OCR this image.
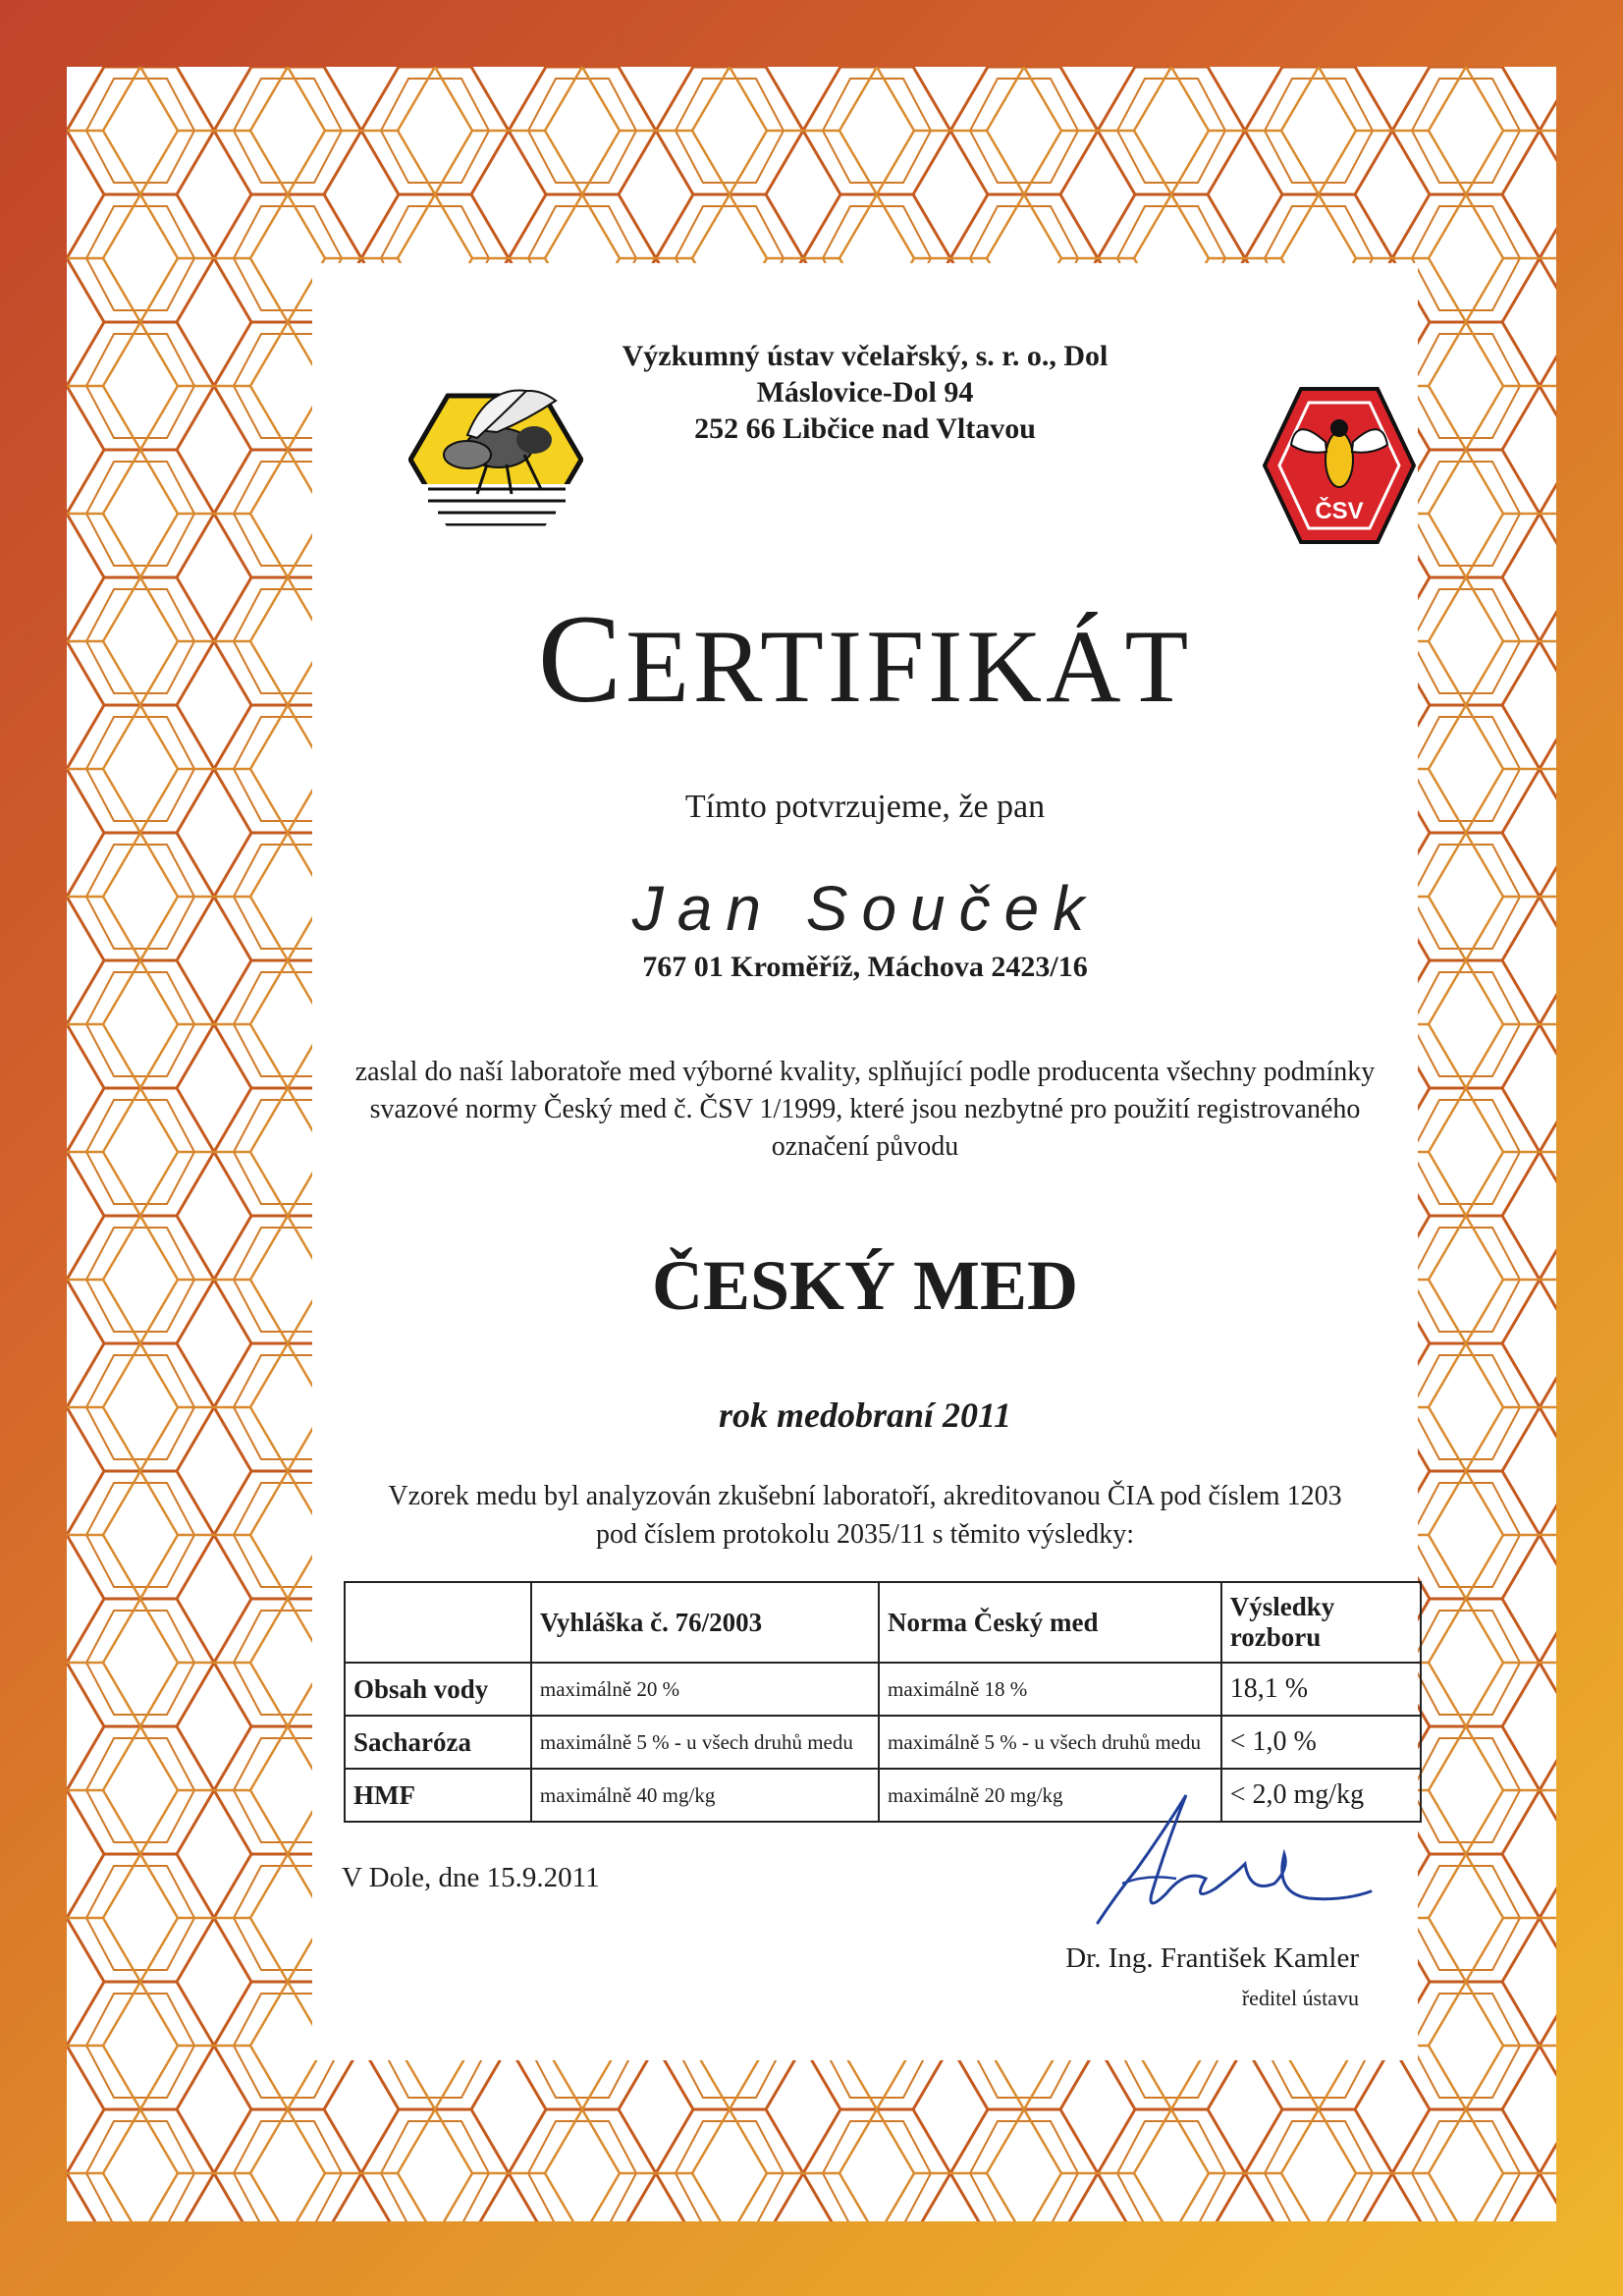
Výzkumný ústav včelařský, s. r. o., Dol
Máslovice-Dol 94
252 66 Libčice nad Vltavou
ČSV
CERTIFIKÁT
Tímto potvrzujeme, že pan
Jan Souček
767 01 Kroměříž, Máchova 2423/16
zaslal do naší laboratoře med výborné kvality, splňující podle producenta všechny podmínky svazové normy Český med č. ČSV 1/1999, které jsou nezbytné pro použití registrovaného označení původu
ČESKÝ MED
rok medobraní 2011
Vzorek medu byl analyzován zkušební laboratoří, akreditovanou ČIA pod číslem 1203
pod číslem protokolu 2035/11 s těmito výsledky:
	Vyhláška č. 76/2003	Norma Český med	Výsledky rozboru
Obsah vody	maximálně 20 %	maximálně 18 %	18,1 %
Sacharóza	maximálně 5 % - u všech druhů medu	maximálně 5 % - u všech druhů medu	< 1,0 %
HMF	maximálně 40 mg/kg	maximálně 20 mg/kg	< 2,0 mg/kg
V Dole, dne 15.9.2011
Dr. Ing. František Kamler
ředitel ústavu
